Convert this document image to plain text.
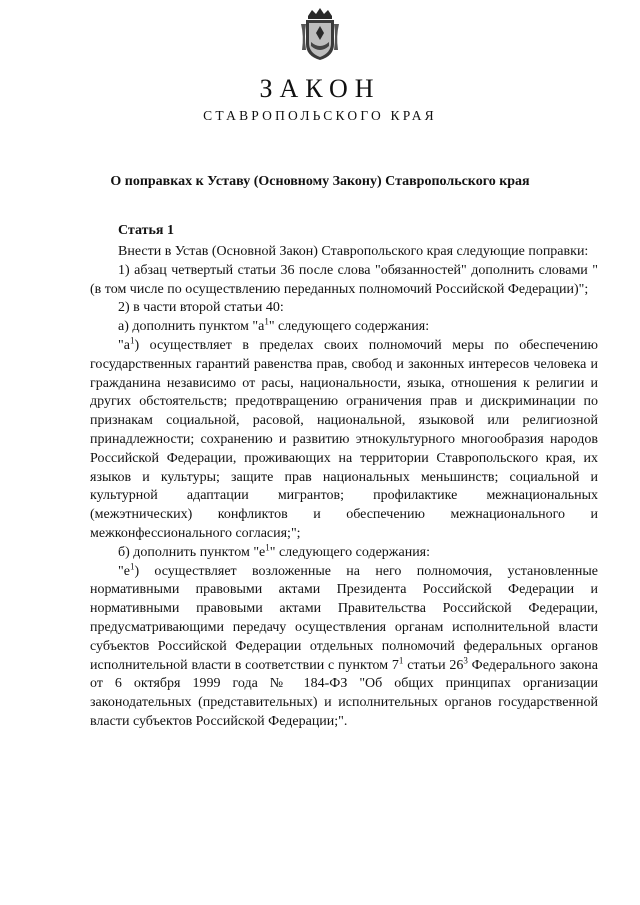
ЗАКОН
СТАВРОПОЛЬСКОГО КРАЯ
О поправках к Уставу (Основному Закону) Ставропольского края
Статья 1

Внести в Устав (Основной Закон) Ставропольского края следующие поправки:

1) абзац четвертый статьи 36 после слова "обязанностей" дополнить словами "(в том числе по осуществлению переданных полномочий Российской Федерации)";

2) в части второй статьи 40:

а) дополнить пунктом "$а^1$" следующего содержания:

"$а^1$) осуществляет в пределах своих полномочий меры по обеспечению государственных гарантий равенства прав, свобод и законных интересов человека и гражданина независимо от расы, национальности, языка, отношения к религии и других обстоятельств; предотвращению ограничения прав и дискриминации по признакам социальной, расовой, национальной, языковой или религиозной принадлежности; сохранению и развитию этнокультурного многообразия народов Российской Федерации, проживающих на территории Ставропольского края, их языков и культуры; защите прав национальных меньшинств; социальной и культурной адаптации мигрантов; профилактике межнациональных (межэтнических) конфликтов и обеспечению межнационального и межконфессионального согласия;";

б) дополнить пунктом "$е^1$" следующего содержания:

"$е^1$) осуществляет возложенные на него полномочия, установленные нормативными правовыми актами Президента Российской Федерации и нормативными правовыми актами Правительства Российской Федерации, предусматривающими передачу осуществления органам исполнительной власти субъектов Российской Федерации отдельных полномочий федеральных органов исполнительной власти в соответствии с пунктом $7^1$ статьи $26^3$ Федерального закона от 6 октября 1999 года № 184-ФЗ "Об общих принципах организации законодательных (представительных) и исполнительных органов государственной власти субъектов Российской Федерации;".
